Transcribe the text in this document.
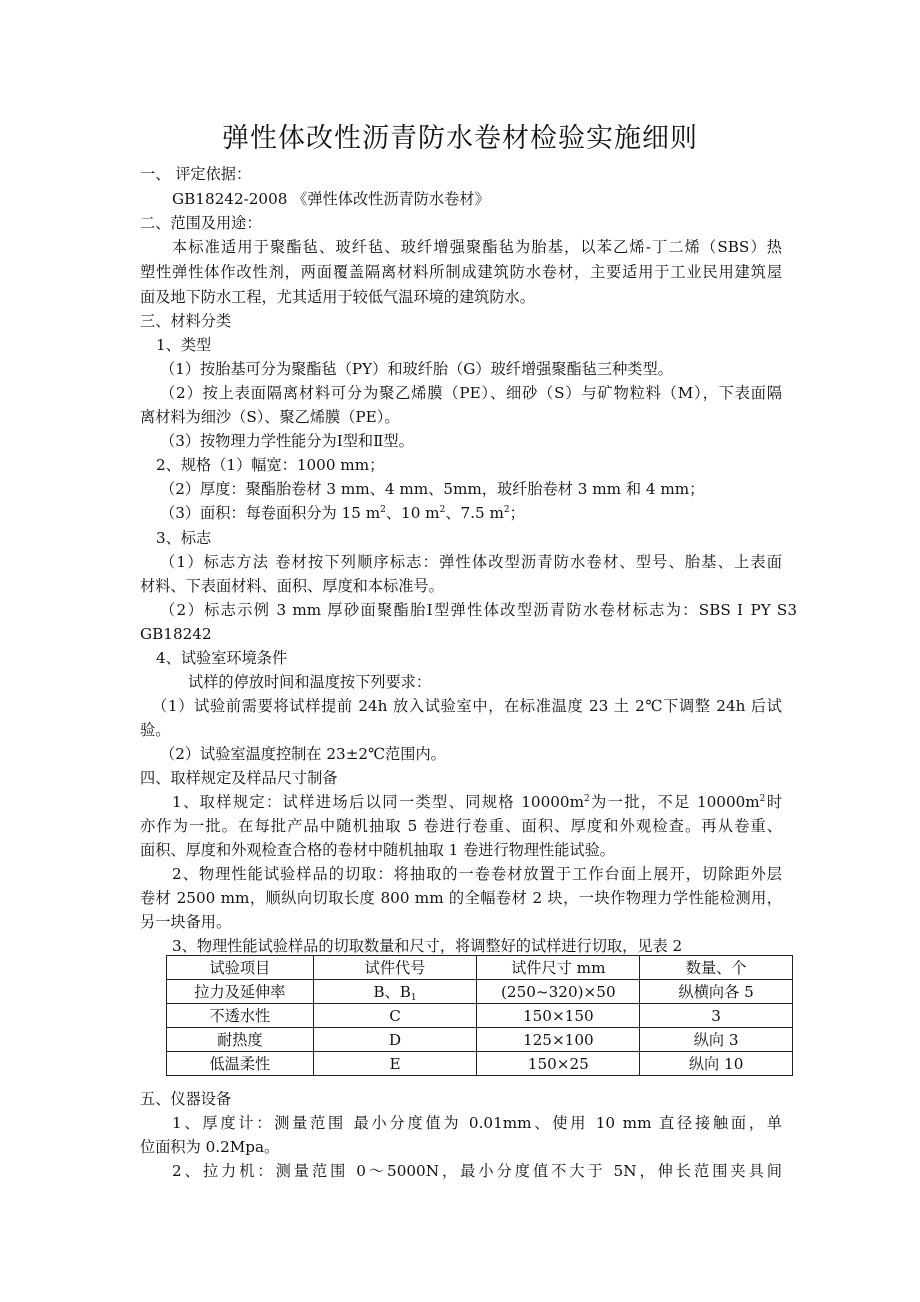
弹性体改性沥青防水卷材检验实施细则
一、 评定依据：
GB18242-2008 《弹性体改性沥青防水卷材》
二、范围及用途：
本标准适用于聚酯毡、玻纤毡、玻纤增强聚酯毡为胎基，以苯乙烯-丁二烯（SBS）热
塑性弹性体作改性剂，两面覆盖隔离材料所制成建筑防水卷材，主要适用于工业民用建筑屋
面及地下防水工程，尤其适用于较低气温环境的建筑防水。
三、材料分类
1、类型
（1）按胎基可分为聚酯毡（PY）和玻纤胎（G）玻纤增强聚酯毡三种类型。
（2）按上表面隔离材料可分为聚乙烯膜（PE）、细砂（S）与矿物粒料（M），下表面隔
离材料为细沙（S）、聚乙烯膜（PE）。
（3）按物理力学性能分为Ⅰ型和Ⅱ型。
2、规格（1）幅宽：1000 mm；
（2）厚度：聚酯胎卷材 3 mm、4 mm、5mm，玻纤胎卷材 3 mm 和 4 mm；
（3）面积：每卷面积分为 15 $m^2$、10 $m^2$、7.5 $m^2$；
3、标志
（1）标志方法 卷材按下列顺序标志：弹性体改型沥青防水卷材、型号、胎基、上表面
材料、下表面材料、面积、厚度和本标准号。
（2）标志示例 3 mm 厚砂面聚酯胎Ⅰ型弹性体改型沥青防水卷材标志为：SBS Ⅰ PY S3
GB18242
4、试验室环境条件
试样的停放时间和温度按下列要求：
（1）试验前需要将试样提前 24h 放入试验室中，在标准温度 23 土 2℃下调整 24h 后试
验。
（2）试验室温度控制在 23±2℃范围内。
四、取样规定及样品尺寸制备
1、取样规定：试样进场后以同一类型、同规格 $10000m^2$为一批，不足 $10000m^2$时
亦作为一批。在每批产品中随机抽取 5 卷进行卷重、面积、厚度和外观检查。再从卷重、
面积、厚度和外观检查合格的卷材中随机抽取 1 卷进行物理性能试验。
2、物理性能试验样品的切取：将抽取的一卷卷材放置于工作台面上展开，切除距外层
卷材 2500 mm，顺纵向切取长度 800 mm 的全幅卷材 2 块，一块作物理力学性能检测用，
另一块备用。
3、物理性能试验样品的切取数量和尺寸，将调整好的试样进行切取，见表 2
试验项目	试件代号	试件尺寸 mm	数量、个
拉力及延伸率	B、$B_1$	(250~320)×50	纵横向各 5
不透水性	C	150×150	3
耐热度	D	125×100	纵向 3
低温柔性	E	150×25	纵向 10
五、仪器设备
1、厚度计：测量范围 最小分度值为 0.01mm、使用 10 mm 直径接触面，单
位面积为 0.2Mpa。
2、拉力机：测量范围 0～5000N，最小分度值不大于 5N，伸长范围夹具间
